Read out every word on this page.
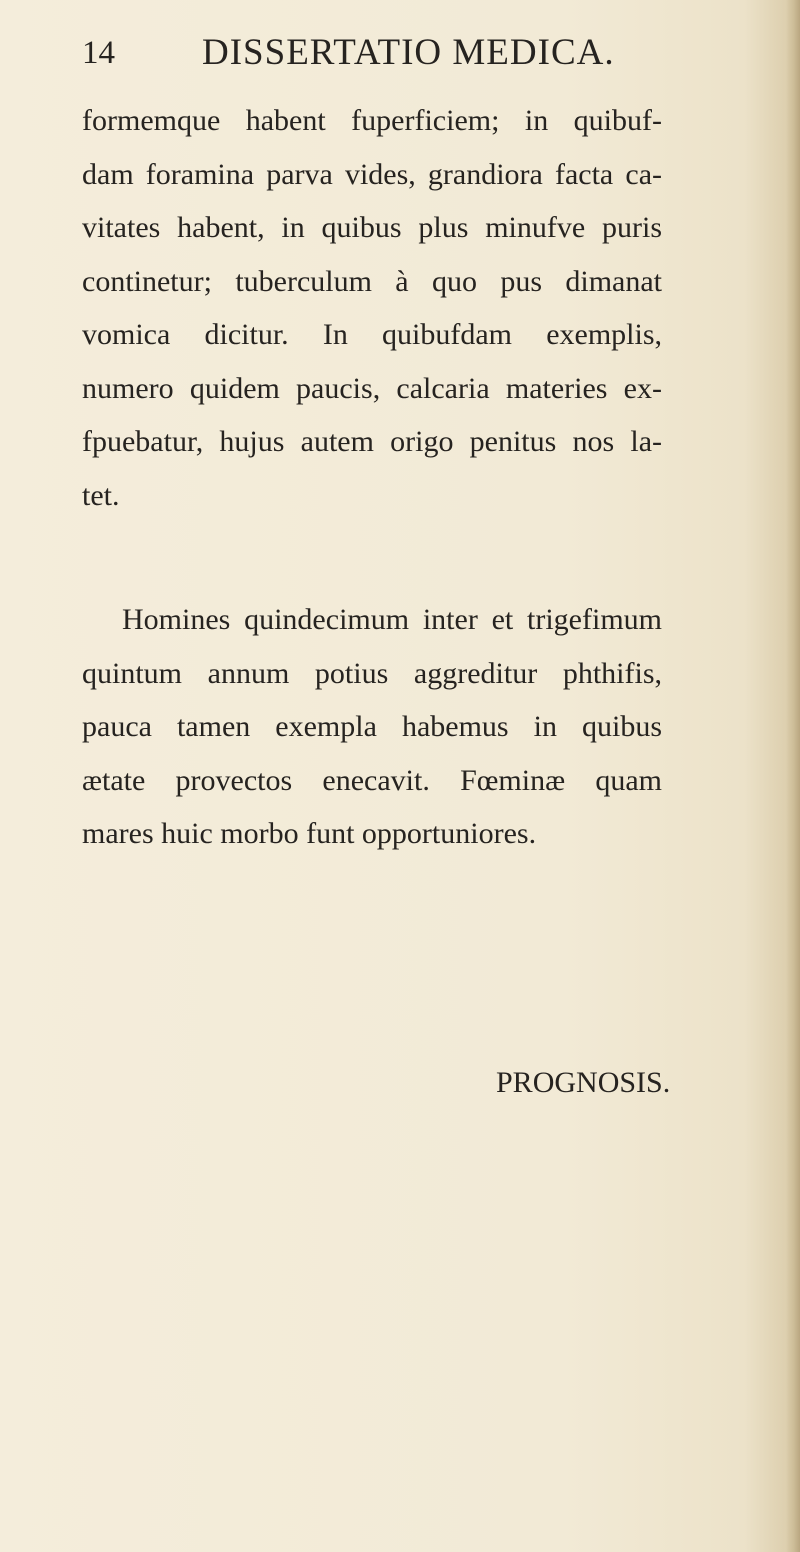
14 DISSERTATIO MEDICA.
formemque habent fuperficiem; in quibuf-
dam foramina parva vides, grandiora facta ca-
vitates habent, in quibus plus minufve puris
continetur; tuberculum à quo pus dimanat
vomica dicitur. In quibufdam exemplis,
numero quidem paucis, calcaria materies ex-
fpuebatur, hujus autem origo penitus nos la-
tet.
Homines quindecimum inter et trigefimum
quintum annum potius aggreditur phthifis,
pauca tamen exempla habemus in quibus
ætate provectos enecavit. Fœminæ quam
mares huic morbo funt opportuniores.
PROGNOSIS.
